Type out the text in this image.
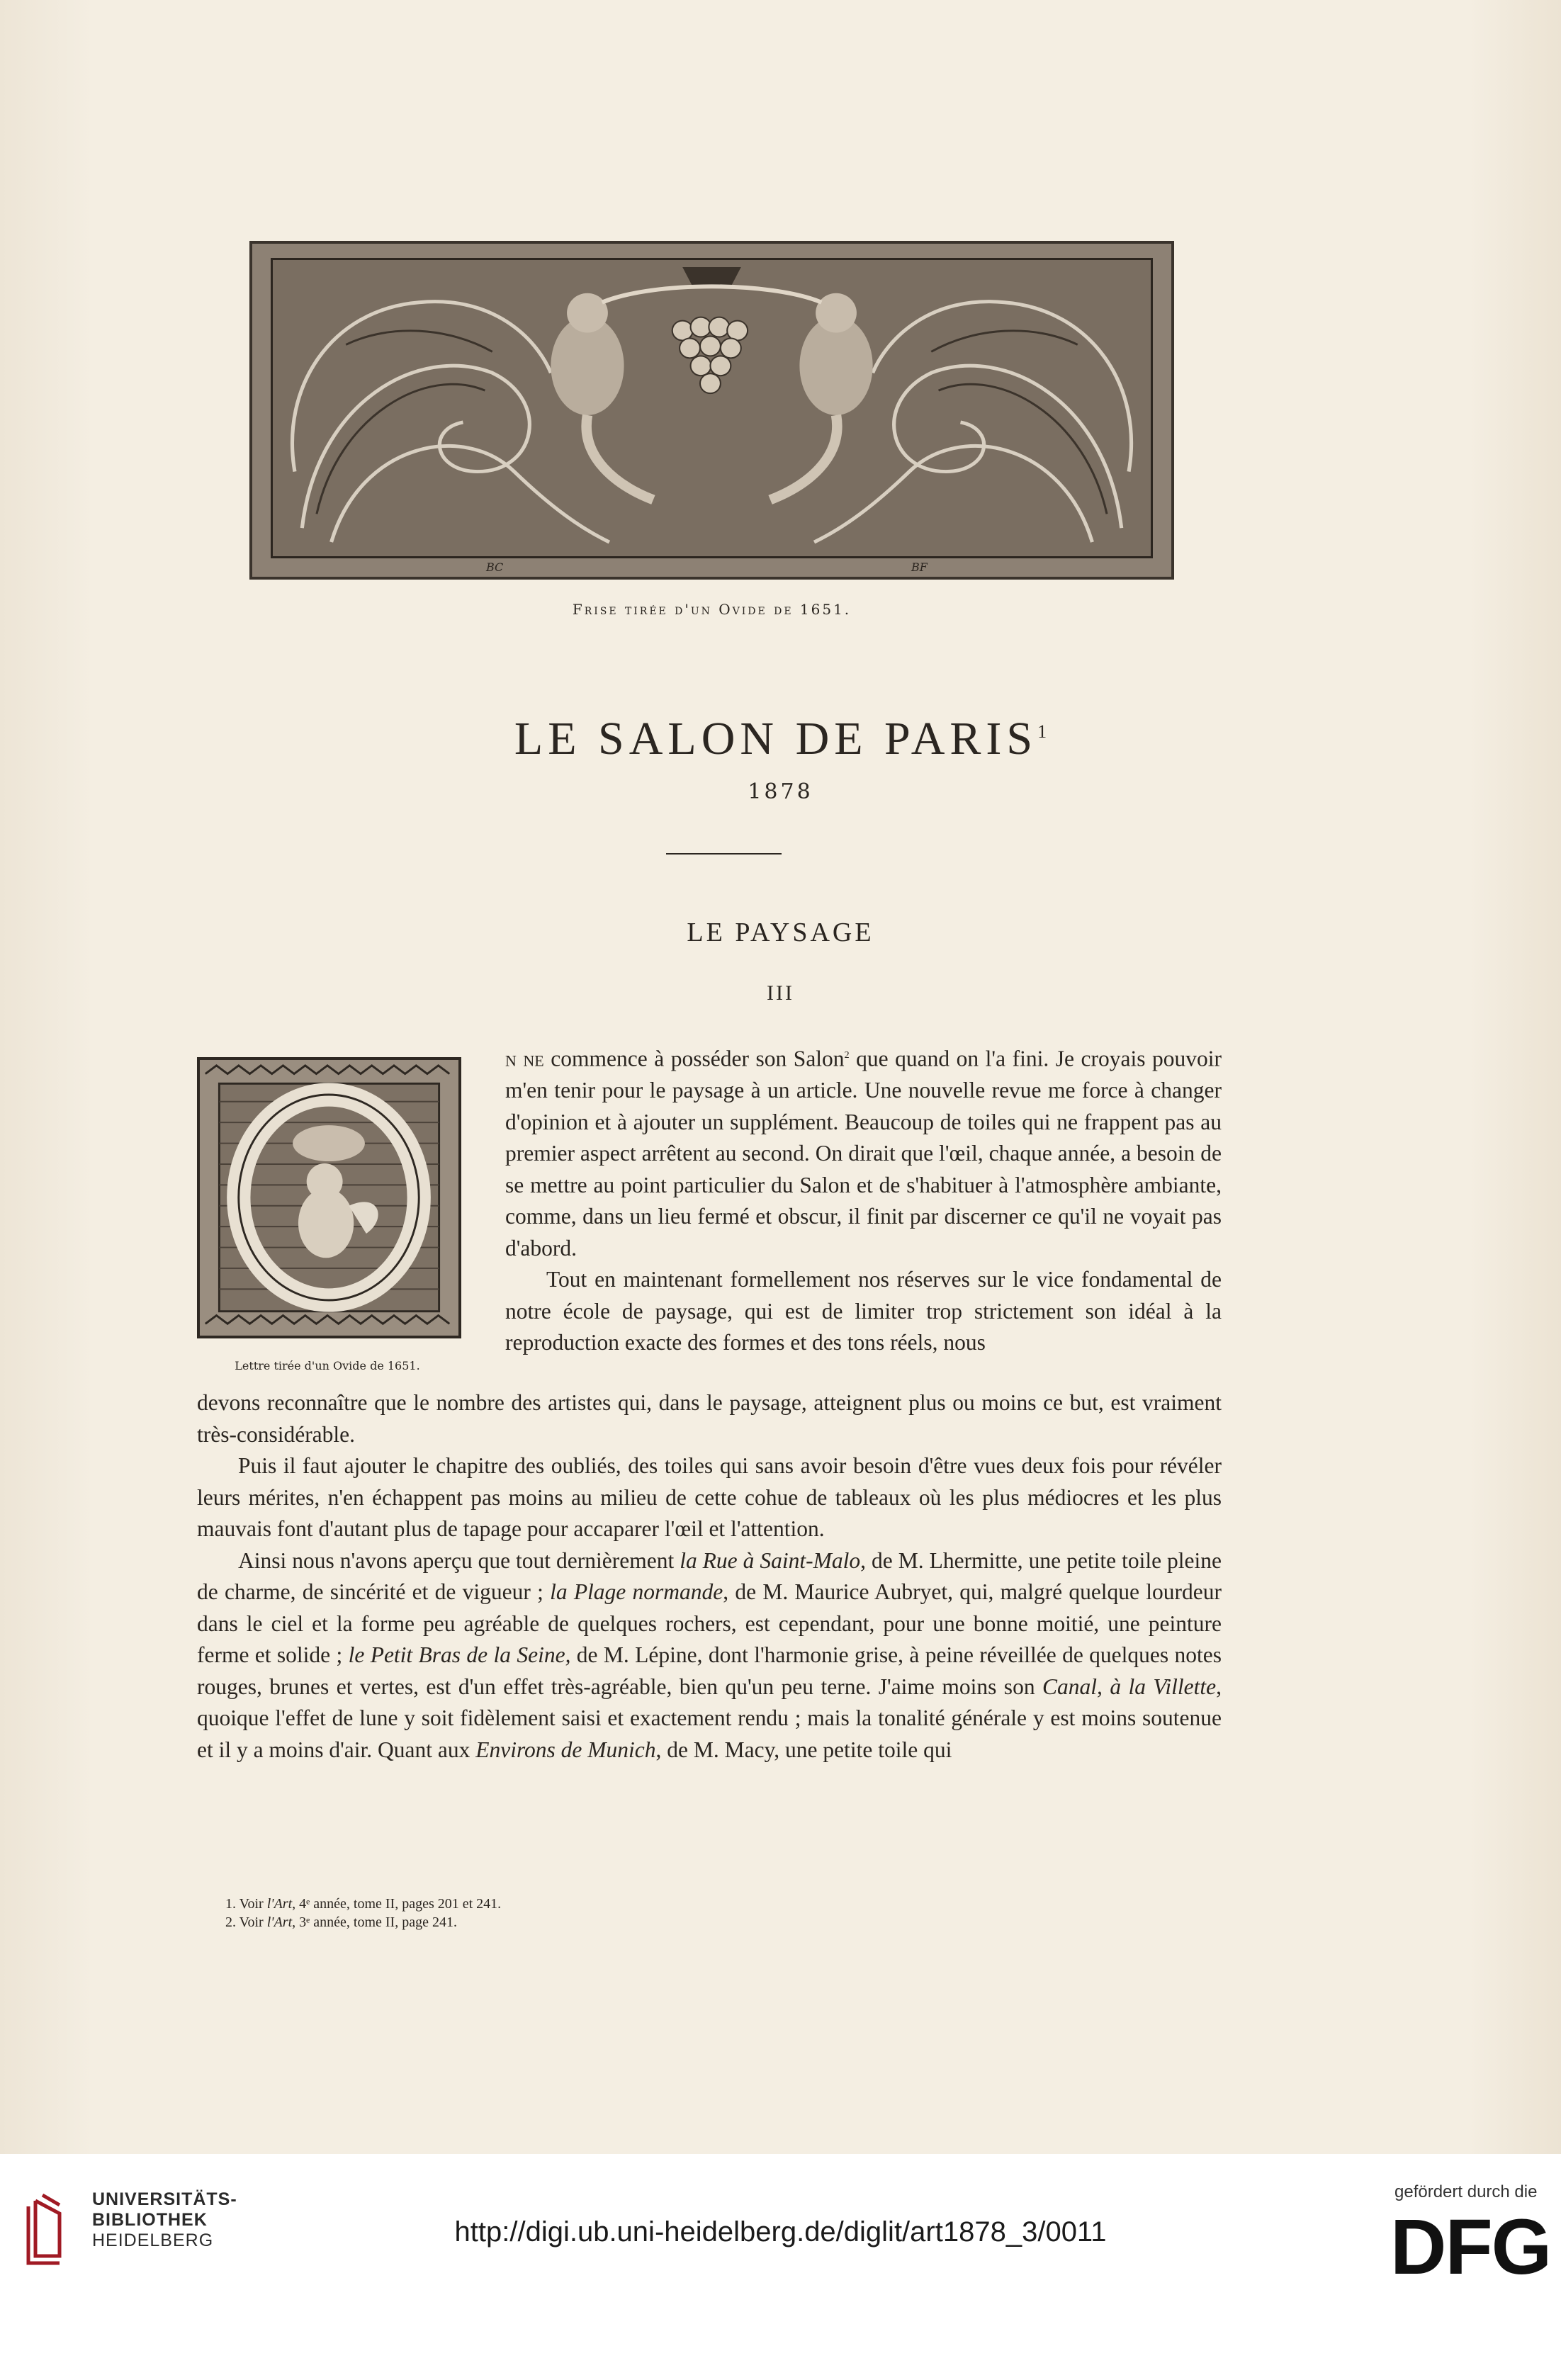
BC	BF
Frise tirée d'un Ovide de 1651.
LE SALON DE PARIS$^1$
1878
LE PAYSAGE
III
Lettre tirée d'un Ovide de 1651.

n ne commence à posséder son Salon$^2$ que quand on l'a fini. Je croyais pouvoir m'en tenir pour le paysage à un article. Une nouvelle revue me force à changer d'opinion et à ajouter un supplément. Beaucoup de toiles qui ne frappent pas au premier aspect arrêtent au second. On dirait que l'œil, chaque année, a besoin de se mettre au point particulier du Salon et de s'habituer à l'atmosphère ambiante, comme, dans un lieu fermé et obscur, il finit par discerner ce qu'il ne voyait pas d'abord.

Tout en maintenant formellement nos réserves sur le vice fondamental de notre école de paysage, qui est de limiter trop strictement son idéal à la reproduction exacte des formes et des tons réels, nous

devons reconnaître que le nombre des artistes qui, dans le paysage, atteignent plus ou moins ce but, est vraiment très-considérable.

Puis il faut ajouter le chapitre des oubliés, des toiles qui sans avoir besoin d'être vues deux fois pour révéler leurs mérites, n'en échappent pas moins au milieu de cette cohue de tableaux où les plus médiocres et les plus mauvais font d'autant plus de tapage pour accaparer l'œil et l'attention.

Ainsi nous n'avons aperçu que tout dernièrement la Rue à Saint-Malo, de M. Lhermitte, une petite toile pleine de charme, de sincérité et de vigueur ; la Plage normande, de M. Maurice Aubryet, qui, malgré quelque lourdeur dans le ciel et la forme peu agréable de quelques rochers, est cependant, pour une bonne moitié, une peinture ferme et solide ; le Petit Bras de la Seine, de M. Lépine, dont l'harmonie grise, à peine réveillée de quelques notes rouges, brunes et vertes, est d'un effet très-agréable, bien qu'un peu terne. J'aime moins son Canal, à la Villette, quoique l'effet de lune y soit fidèlement saisi et exactement rendu ; mais la tonalité générale y est moins soutenue et il y a moins d'air. Quant aux Environs de Munich, de M. Macy, une petite toile qui

1. Voir l'Art, 4ᵉ année, tome II, pages 201 et 241.
2. Voir l'Art, 3ᵉ année, tome II, page 241.
UNIVERSITÄTS-
BIBLIOTHEK
HEIDELBERG	http://digi.ub.uni-heidelberg.de/diglit/art1878_3/0011
gefördert durch die
DFG
